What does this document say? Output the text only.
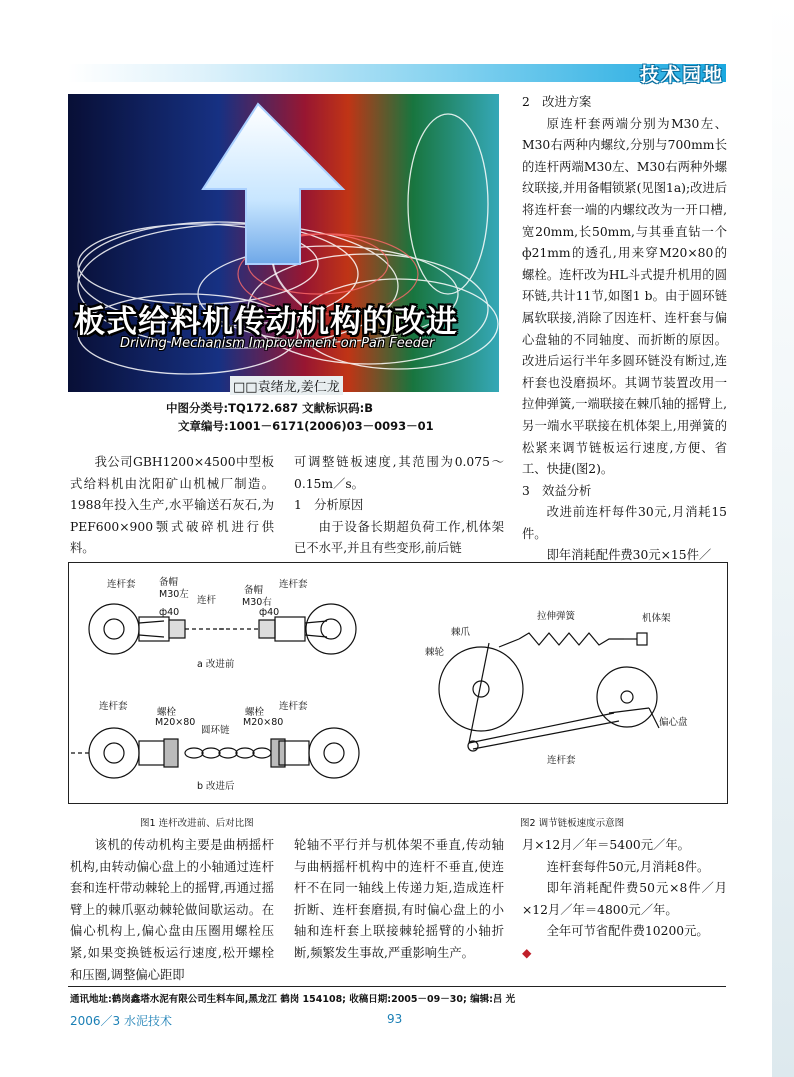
技术园地
板式给料机传动机构的改进
Driving Mechanism Improvement on Pan Feeder
□□袁绪龙,姜仁龙
中图分类号:TQ172.687 文献标识码:B
文章编号:1001－6171(2006)03－0093－01

2　改进方案

原连杆套两端分别为M30左、M30右两种内螺纹,分别与700mm长的连杆两端M30左、M30右两种外螺纹联接,并用备帽锁紧(见图1a);改进后将连杆套一端的内螺纹改为一开口槽,宽20mm,长50mm,与其垂直钻一个ф21mm的透孔,用来穿M20×80的螺栓。连杆改为HL斗式提升机用的圆环链,共计11节,如图1 b。由于圆环链属软联接,消除了因连杆、连杆套与偏心盘轴的不同轴度、而折断的原因。改进后运行半年多圆环链没有断过,连杆套也没磨损坏。其调节装置改用一拉伸弹簧,一端联接在棘爪轴的摇臂上,另一端水平联接在机体架上,用弹簧的松紧来调节链板运行速度,方便、省工、快捷(图2)。

3　效益分析

改进前连杆每件30元,月消耗15件。

即年消耗配件费30元×15件／

我公司GBH1200×4500中型板式给料机由沈阳矿山机械厂制造。1988年投入生产,水平输送石灰石,为PEF600×900颚式破碎机进行供料。

可调整链板速度,其范围为0.075～0.15m／s。

1　分析原因

由于设备长期超负荷工作,机体架已不水平,并且有些变形,前后链

连杆套 备帽
M30左
连杆
备帽
M30右
连杆套
ф40	ф40
a 改进前
连杆套
螺栓
M20×80
圆环链
螺栓
M20×80
连杆套
b 改进后
棘爪
拉伸弹簧	机体架
棘轮
偏心盘
连杆套
图1 连杆改进前、后对比图	图2 调节链板速度示意图

该机的传动机构主要是曲柄摇杆机构,由转动偏心盘上的小轴通过连杆套和连杆带动棘轮上的摇臂,再通过摇臂上的棘爪驱动棘轮做间歇运动。在偏心机构上,偏心盘由压圈用螺栓压紧,如果变换链板运行速度,松开螺栓和压圈,调整偏心距即

轮轴不平行并与机体架不垂直,传动轴与曲柄摇杆机构中的连杆不垂直,使连杆不在同一轴线上传递力矩,造成连杆折断、连杆套磨损,有时偏心盘上的小轴和连杆套上联接棘轮摇臂的小轴折断,频繁发生事故,严重影响生产。

月×12月／年＝5400元／年。

连杆套每件50元,月消耗8件。

即年消耗配件费50元×8件／月×12月／年＝4800元／年。

全年可节省配件费10200元。

◆

通讯地址:鹤岗鑫塔水泥有限公司生料车间,黑龙江 鹤岗 154108; 收稿日期:2005－09－30; 编辑:吕 光
2006／3 水泥技术	93
